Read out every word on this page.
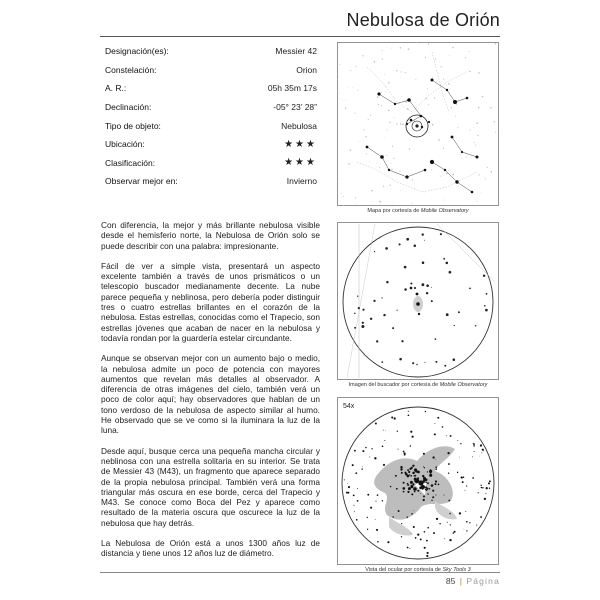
Nebulosa de Orión
Designación(es):	Messier 42
Constelación:	Orion
A. R.:	05h 35m 17s
Declinación:	-05° 23’ 28”
Tipo de objeto:	Nebulosa
Ubicación:	★★★
Clasificación:	★★★
Observar mejor en:	Invierno

Con diferencia, la mejor y más brillante nebulosa visible desde el hemisferio norte, la Nebulosa de Orión solo se puede describir con una palabra: impresionante.

Fácil de ver a simple vista, presentará un aspecto excelente también a través de unos prismáticos o un telescopio buscador medianamente decente. La nube parece pequeña y neblinosa, pero debería poder distinguir tres o cuatro estrellas brillantes en el corazón de la nebulosa. Estas estrellas, conocidas como el Trapecio, son estrellas jóvenes que acaban de nacer en la nebulosa y todavía rondan por la guardería estelar circundante.

Aunque se observan mejor con un aumento bajo o medio, la nebulosa admite un poco de potencia con mayores aumentos que revelan más detalles al observador. A diferencia de otras imágenes del cielo, también verá un poco de color aquí; hay observadores que hablan de un tono verdoso de la nebulosa de aspecto similar al humo. He observado que se ve como si la iluminara la luz de la luna.

Desde aquí, busque cerca una pequeña mancha circular y neblinosa con una estrella solitaria en su interior. Se trata de Messier 43 (M43), un fragmento que aparece separado de la propia nebulosa principal. También verá una forma triangular más oscura en ese borde, cerca del Trapecio y M43. Se conoce como Boca del Pez y aparece como resultado de la materia oscura que oscurece la luz de la nebulosa que hay detrás.

La Nebulosa de Orión está a unos 1300 años luz de distancia y tiene unos 12 años luz de diámetro.

Mapa por cortesía de Mobile Observatory
Imagen del buscador por cortesía de Mobile Observatory
54x
Vista del ocular por cortesía de Sky Tools 3
85 | Página
